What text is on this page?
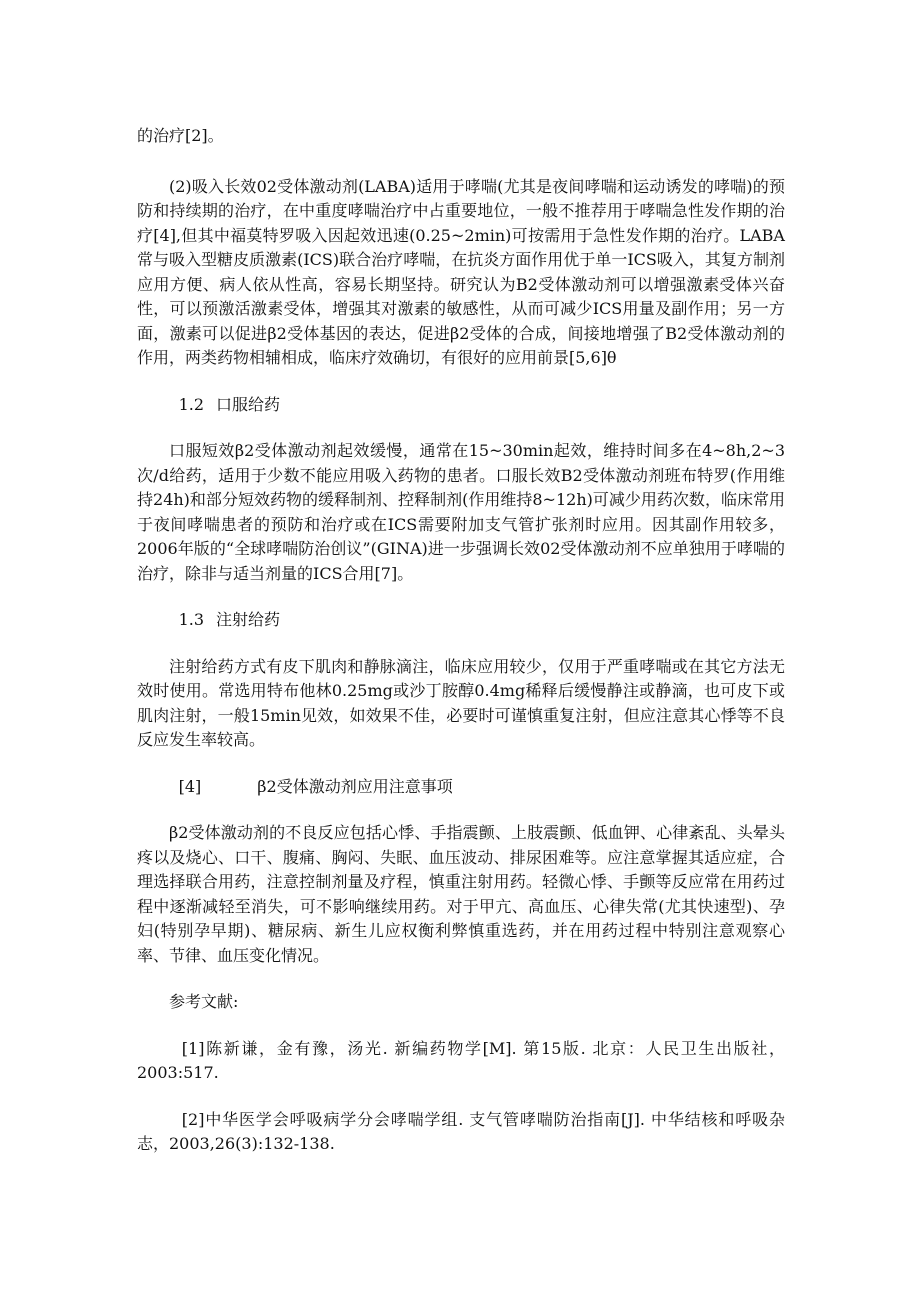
的治疗[2]。

(2)吸入长效02受体激动剂(LABA)适用于哮喘(尤其是夜间哮喘和运动诱发的哮喘)的预防和持续期的治疗，在中重度哮喘治疗中占重要地位，一般不推荐用于哮喘急性发作期的治疗[4],但其中福莫特罗吸入因起效迅速(0.25~2min)可按需用于急性发作期的治疗。LABA常与吸入型糖皮质激素(ICS)联合治疗哮喘，在抗炎方面作用优于单一ICS吸入，其复方制剂应用方便、病人依从性高，容易长期坚持。研究认为B2受体激动剂可以增强激素受体兴奋性，可以预激活激素受体，增强其对激素的敏感性，从而可减少ICS用量及副作用；另一方面，激素可以促进β2受体基因的表达，促进β2受体的合成，间接地增强了B2受体激动剂的作用，两类药物相辅相成，临床疗效确切，有很好的应用前景[5,6]θ

1.2 口服给药

口服短效β2受体激动剂起效缓慢，通常在15~30min起效，维持时间多在4~8h,2~3次/d给药，适用于少数不能应用吸入药物的患者。口服长效B2受体激动剂班布特罗(作用维持24h)和部分短效药物的缓释制剂、控释制剂(作用维持8~12h)可减少用药次数，临床常用于夜间哮喘患者的预防和治疗或在ICS需要附加支气管扩张剂时应用。因其副作用较多，2006年版的“全球哮喘防治创议”(GINA)进一步强调长效02受体激动剂不应单独用于哮喘的治疗，除非与适当剂量的ICS合用[7]。

1.3 注射给药

注射给药方式有皮下肌肉和静脉滴注，临床应用较少，仅用于严重哮喘或在其它方法无效时使用。常选用特布他林0.25mg或沙丁胺醇0.4mg稀释后缓慢静注或静滴，也可皮下或肌肉注射，一般15min见效，如效果不佳，必要时可谨慎重复注射，但应注意其心悸等不良反应发生率较高。

[4]	β2受体激动剂应用注意事项

β2受体激动剂的不良反应包括心悸、手指震颤、上肢震颤、低血钾、心律紊乱、头晕头疼以及烧心、口干、腹痛、胸闷、失眠、血压波动、排尿困难等。应注意掌握其适应症，合理选择联合用药，注意控制剂量及疗程，慎重注射用药。轻微心悸、手颤等反应常在用药过程中逐渐减轻至消失，可不影响继续用药。对于甲亢、高血压、心律失常(尤其快速型)、孕妇(特别孕早期)、糖尿病、新生儿应权衡利弊慎重选药，并在用药过程中特别注意观察心率、节律、血压变化情况。

参考文献:

[1]陈新谦，金有豫，汤光. 新编药物学[M]. 第15版. 北京：人民卫生出版社，2003:517.

[2]中华医学会呼吸病学分会哮喘学组. 支气管哮喘防治指南[J]. 中华结核和呼吸杂志，2003,26(3):132-138.
